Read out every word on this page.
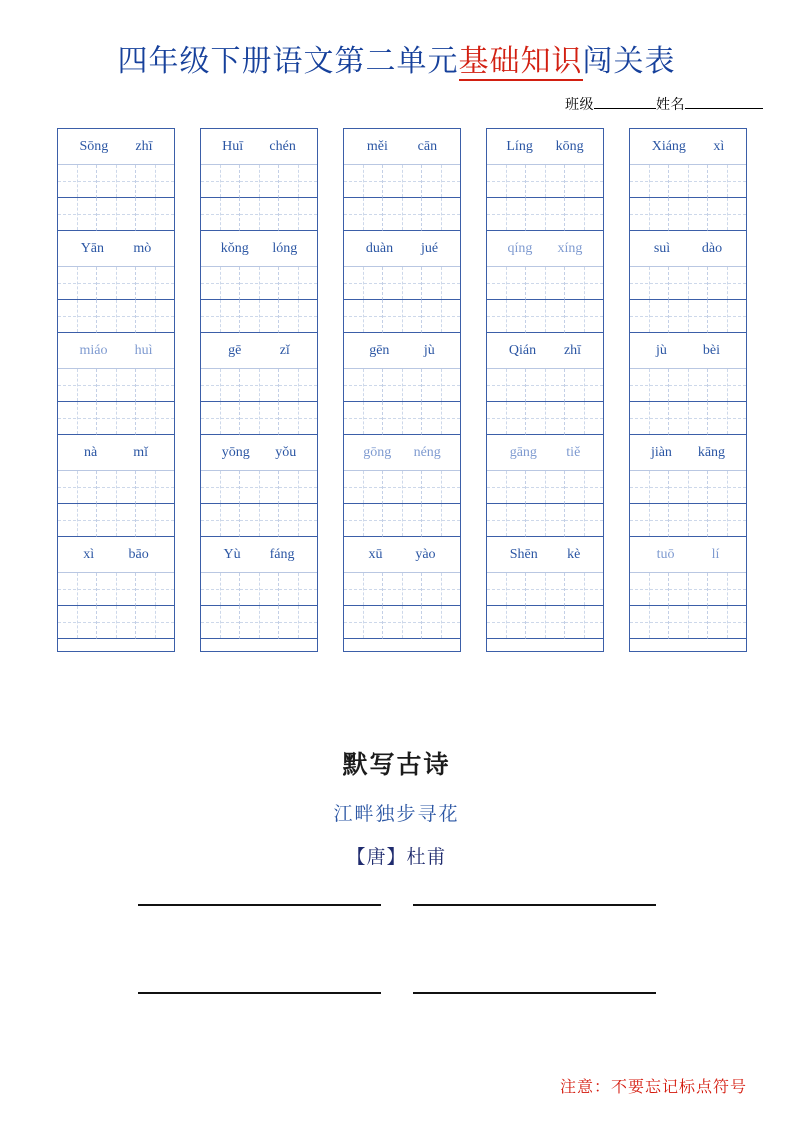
四年级下册语文第二单元基础知识闯关表
班级	姓名
Sōng zhī
Yān mò
miáo huì
nà	mǐ
xì bāo
Huī chén
kǒng lóng
gē	zǐ
yōng yǒu
Yù fáng
měi cān
duàn jué
gēn jù
gōng néng
xū yào
Líng kōng
qíng xíng
Qián zhī
gāng tiě
Shēn kè
Xiáng xì
suì dào
jù	bèi
jiàn kāng
tuō	lí
默写古诗
江畔独步寻花
【唐】杜甫
注意：不要忘记标点符号
